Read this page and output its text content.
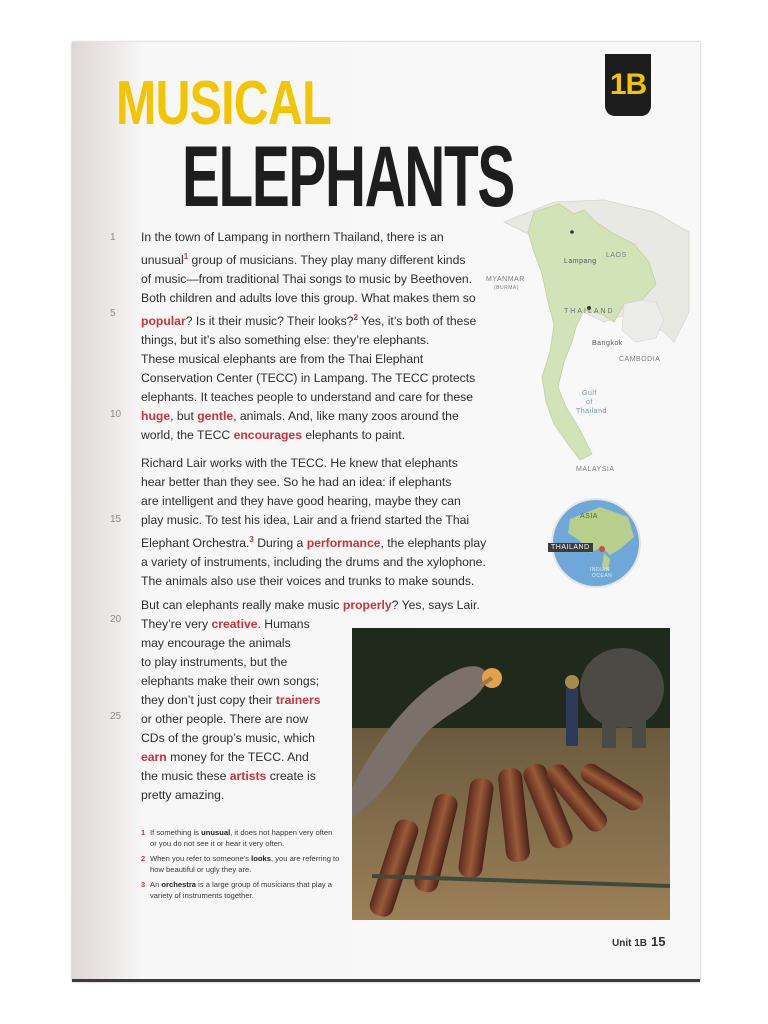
MUSICAL
ELEPHANTS
1B
1
5
10
15
20
25

In the town of Lampang in northern Thailand, there is an
unusual$^1$ group of musicians. They play many different kinds
of music—from traditional Thai songs to music by Beethoven.
Both children and adults love this group. What makes them so
popular? Is it their music? Their looks?$^2$ Yes, it’s both of these
things, but it’s also something else: they’re elephants.

These musical elephants are from the Thai Elephant
Conservation Center (TECC) in Lampang. The TECC protects
elephants. It teaches people to understand and care for these
huge, but gentle, animals. And, like many zoos around the
world, the TECC encourages elephants to paint.

Richard Lair works with the TECC. He knew that elephants
hear better than they see. So he had an idea: if elephants
are intelligent and they have good hearing, maybe they can
play music. To test his idea, Lair and a friend started the Thai
Elephant Orchestra.$^3$ During a performance, the elephants play
a variety of instruments, including the drums and the xylophone.
The animals also use their voices and trunks to make sounds.

But can elephants really make music properly? Yes, says Lair.
They’re very creative. Humans
may encourage the animals
to play instruments, but the
elephants make their own songs;
they don’t just copy their trainers
or other people. There are now
CDs of the group’s music, which
earn money for the TECC. And
the music these artists create is
pretty amazing.

LAOS
Lampang
MYANMAR
(BURMA)
THAILAND
Bangkok
CAMBODIA
Gulf
of
Thailand
MALAYSIA
ASIA
THAILAND
INDIAN
OCEAN
1 If something is unusual, it does not happen very often or you do not see it or hear it very often.
2 When you refer to someone’s looks, you are referring to how beautiful or ugly they are.
3 An orchestra is a large group of musicians that play a variety of instruments together.
Unit 1B 15
